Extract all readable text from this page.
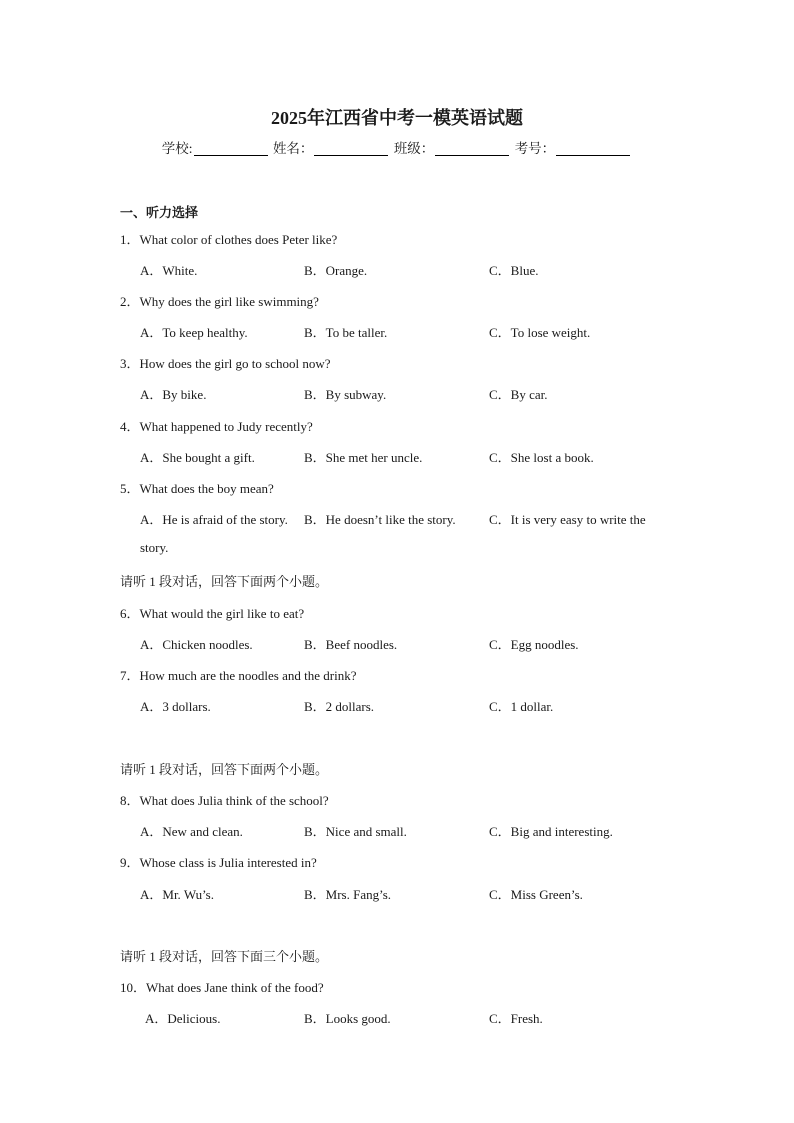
2025年江西省中考一模英语试题
学校:	姓名：	班级：	考号：
一、听力选择
1．What color of clothes does Peter like?
A．White.	B．Orange.	C．Blue.
2．Why does the girl like swimming?
A．To keep healthy.	B．To be taller.	C．To lose weight.
3．How does the girl go to school now?
A．By bike.	B．By subway.	C．By car.
4．What happened to Judy recently?
A．She bought a gift.	B．She met her uncle.	C．She lost a book.
5．What does the boy mean?
A．He is afraid of the story. B．He doesn’t like the story.	C．It is very easy to write the
story.
请听 1 段对话，回答下面两个小题。
6．What would the girl like to eat?
A．Chicken noodles.	B．Beef noodles.	C．Egg noodles.
7．How much are the noodles and the drink?
A．3 dollars.	B．2 dollars.	C．1 dollar.
请听 1 段对话，回答下面两个小题。
8．What does Julia think of the school?
A．New and clean.	B．Nice and small.	C．Big and interesting.
9．Whose class is Julia interested in?
A．Mr. Wu’s.	B．Mrs. Fang’s.	C．Miss Green’s.
请听 1 段对话，回答下面三个小题。
10．What does Jane think of the food?
A．Delicious.	B．Looks good.	C．Fresh.
